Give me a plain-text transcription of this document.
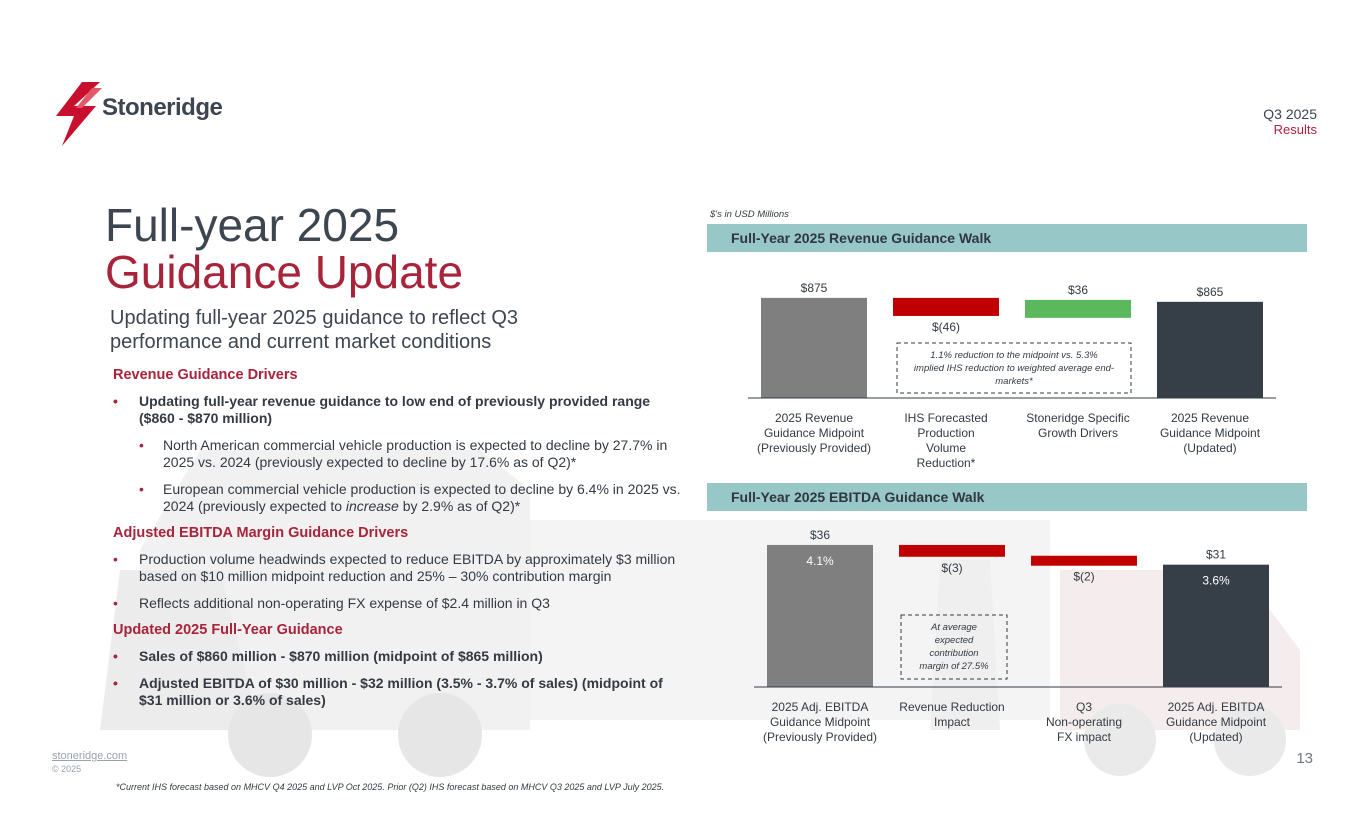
Stoneridge	Q3 2025
Results
Full-year 2025
Guidance Update
Updating full-year 2025 guidance to reflect Q3 performance and current market conditions
Revenue Guidance Drivers
• Updating full-year revenue guidance to low end of previously provided range ($860 - $870 million)
• North American commercial vehicle production is expected to decline by 27.7% in 2025 vs. 2024 (previously expected to decline by 17.6% as of Q2)*
• European commercial vehicle production is expected to decline by 6.4% in 2025 vs. 2024 (previously expected to increase by 2.9% as of Q2)*
Adjusted EBITDA Margin Guidance Drivers
• Production volume headwinds expected to reduce EBITDA by approximately $3 million based on $10 million midpoint reduction and 25% – 30% contribution margin
• Reflects additional non-operating FX expense of $2.4 million in Q3
Updated 2025 Full-Year Guidance
• Sales of $860 million - $870 million (midpoint of $865 million)
• Adjusted EBITDA of $30 million - $32 million (3.5% - 3.7% of sales) (midpoint of $31 million or 3.6% of sales)
$'s in USD Millions
Full-Year 2025 Revenue Guidance Walk
$875
2025 Revenue
Guidance Midpoint
(Previously Provided)
$(46)
IHS Forecasted
Production
Volume
Reduction*
$36
Stoneridge Specific
Growth Drivers
$865
2025 Revenue
Guidance Midpoint
(Updated)
1.1% reduction to the midpoint vs. 5.3%
implied IHS reduction to weighted average end-
markets*
Full-Year 2025 EBITDA Guidance Walk
$36
4.1%
2025 Adj. EBITDA
Guidance Midpoint
(Previously Provided)
$(3)
Revenue Reduction
Impact
$(2)
Q3
Non-operating
FX impact
$31
3.6%
2025 Adj. EBITDA
Guidance Midpoint
(Updated)
At average
expected
contribution
margin of 27.5%
stoneridge.com
© 2025
13
*Current IHS forecast based on MHCV Q4 2025 and LVP Oct 2025. Prior (Q2) IHS forecast based on MHCV Q3 2025 and LVP July 2025.
